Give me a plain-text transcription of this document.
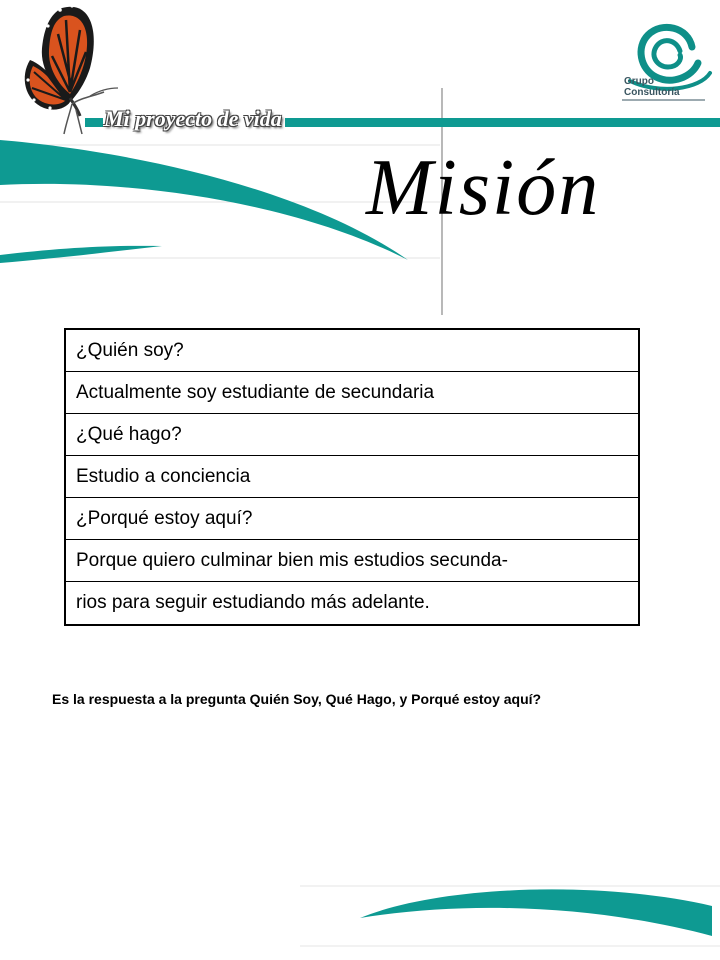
Mi proyecto de vida
Grupo
Consultoría
Misión
¿Quién soy?
Actualmente soy estudiante de secundaria
¿Qué hago?
Estudio a conciencia
¿Porqué estoy aquí?
Porque quiero culminar bien mis estudios secunda-
rios para seguir estudiando más adelante.
Es la respuesta a la pregunta Quién Soy, Qué Hago, y Porqué estoy aquí?
